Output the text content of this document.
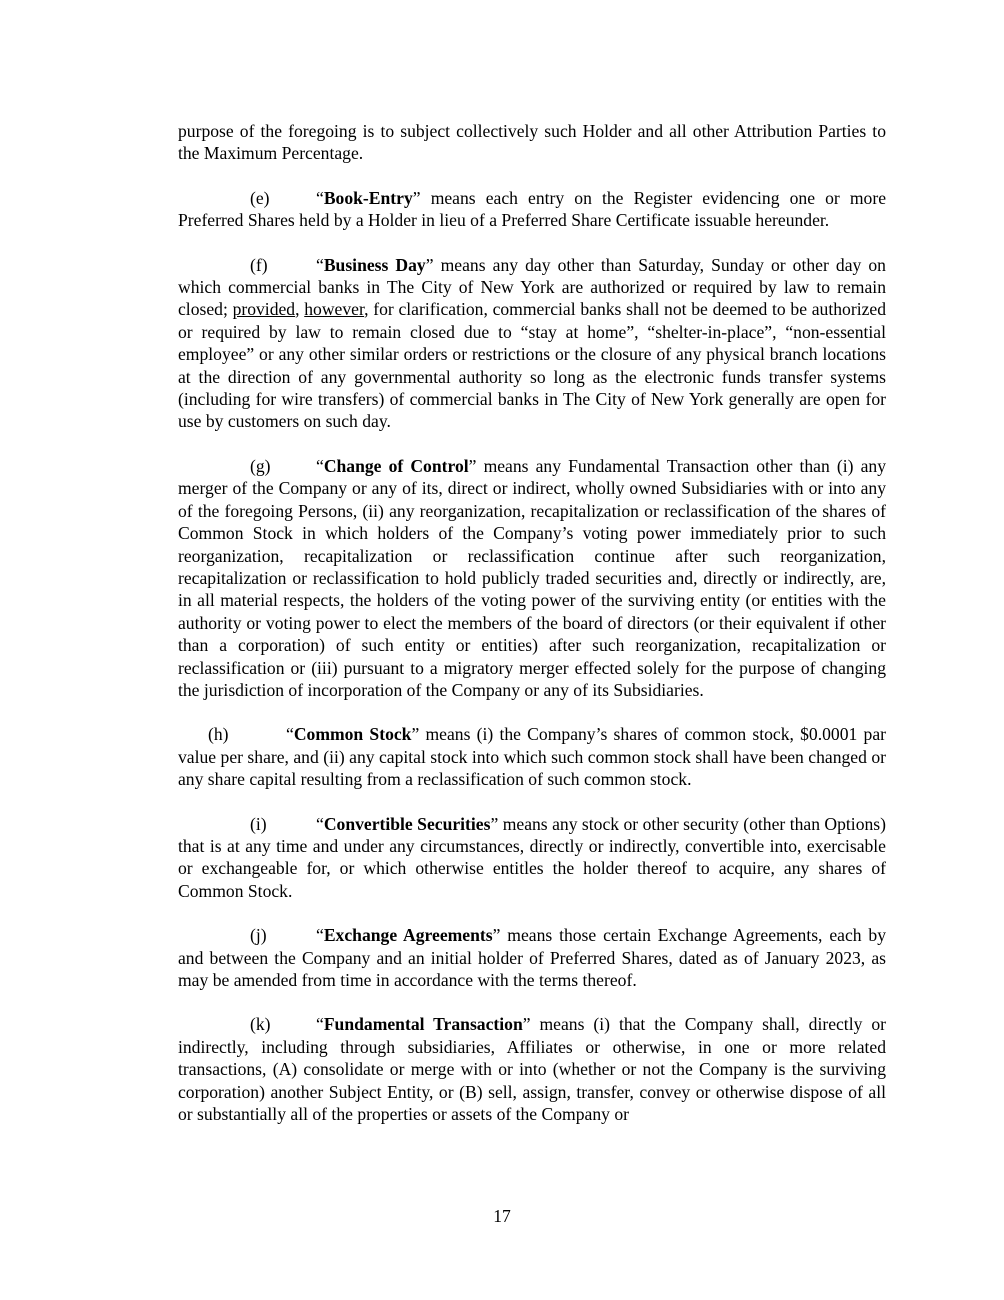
purpose of the foregoing is to subject collectively such Holder and all other Attribution Parties to the Maximum Percentage.

(e)	“Book-Entry” means each entry on the Register evidencing one or more Preferred Shares held by a Holder in lieu of a Preferred Share Certificate issuable hereunder.

(f)	“Business Day” means any day other than Saturday, Sunday or other day on which commercial banks in The City of New York are authorized or required by law to remain closed; provided, however, for clarification, commercial banks shall not be deemed to be authorized or required by law to remain closed due to “stay at home”, “shelter-in-place”, “non-essential employee” or any other similar orders or restrictions or the closure of any physical branch locations at the direction of any governmental authority so long as the electronic funds transfer systems (including for wire transfers) of commercial banks in The City of New York generally are open for use by customers on such day.

(g)	“Change of Control” means any Fundamental Transaction other than (i) any merger of the Company or any of its, direct or indirect, wholly owned Subsidiaries with or into any of the foregoing Persons, (ii) any reorganization, recapitalization or reclassification of the shares of Common Stock in which holders of the Company’s voting power immediately prior to such reorganization, recapitalization or reclassification continue after such reorganization, recapitalization or reclassification to hold publicly traded securities and, directly or indirectly, are, in all material respects, the holders of the voting power of the surviving entity (or entities with the authority or voting power to elect the members of the board of directors (or their equivalent if other than a corporation) of such entity or entities) after such reorganization, recapitalization or reclassification or (iii) pursuant to a migratory merger effected solely for the purpose of changing the jurisdiction of incorporation of the Company or any of its Subsidiaries.

(h)	“Common Stock” means (i) the Company’s shares of common stock, $0.0001 par value per share, and (ii) any capital stock into which such common stock shall have been changed or any share capital resulting from a reclassification of such common stock.

(i)	“Convertible Securities” means any stock or other security (other than Options) that is at any time and under any circumstances, directly or indirectly, convertible into, exercisable or exchangeable for, or which otherwise entitles the holder thereof to acquire, any shares of Common Stock.

(j)	“Exchange Agreements” means those certain Exchange Agreements, each by and between the Company and an initial holder of Preferred Shares, dated as of January 2023, as may be amended from time in accordance with the terms thereof.

(k)	“Fundamental Transaction” means (i) that the Company shall, directly or indirectly, including through subsidiaries, Affiliates or otherwise, in one or more related transactions, (A) consolidate or merge with or into (whether or not the Company is the surviving corporation) another Subject Entity, or (B) sell, assign, transfer, convey or otherwise dispose of all or substantially all of the properties or assets of the Company or

17
